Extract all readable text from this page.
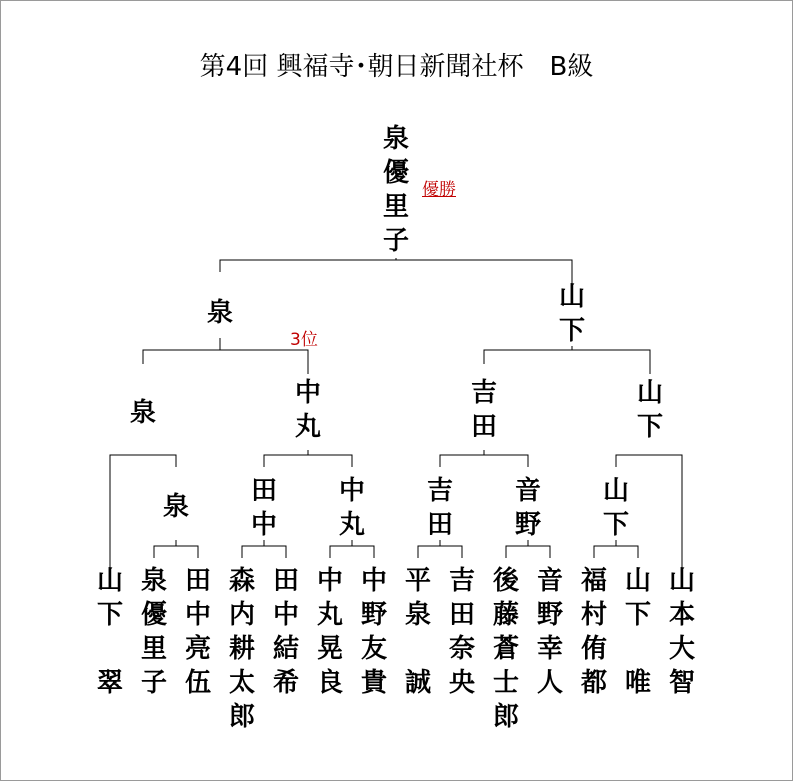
第4回 興福寺･朝日新聞社杯　B級
泉
優
里
子
優勝
泉
3位
山
下
泉
中
丸
吉
田
山
下
泉
田
中
中
丸
吉
田
音
野
山
下
山
下
翠
泉
優
里
子
田
中
亮
伍
森
内
耕
太
郎
田
中
結
希
中
丸
晃
良
中
野
友
貴
平
泉
誠
吉
田
奈
央
後
藤
蒼
士
郎
音
野
幸
人
福
村
侑
都
山
下
唯
山
本
大
智
